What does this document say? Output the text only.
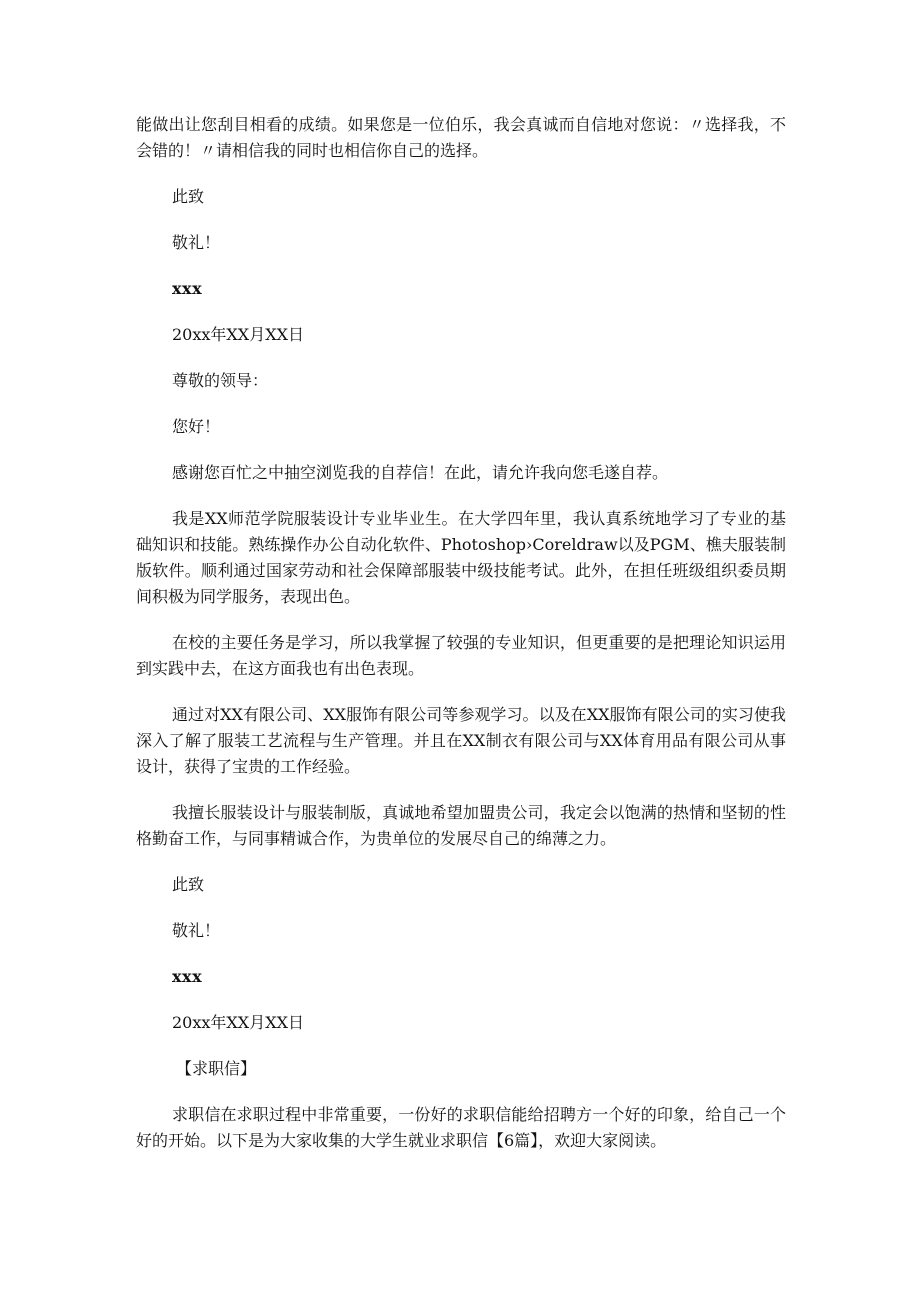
能做出让您刮目相看的成绩。如果您是一位伯乐，我会真诚而自信地对您说：〃选择我，不会错的！〃请相信我的同时也相信你自己的选择。

此致
敬礼！
xxx
20xx年XX月XX日
尊敬的领导：
您好！
感谢您百忙之中抽空浏览我的自荐信！在此，请允许我向您毛遂自荐。

我是XX师范学院服装设计专业毕业生。在大学四年里，我认真系统地学习了专业的基础知识和技能。熟练操作办公自动化软件、Photoshop›Coreldraw以及PGM、樵夫服装制版软件。顺利通过国家劳动和社会保障部服装中级技能考试。此外，在担任班级组织委员期间积极为同学服务，表现出色。

在校的主要任务是学习，所以我掌握了较强的专业知识，但更重要的是把理论知识运用到实践中去，在这方面我也有出色表现。

通过对XX有限公司、XX服饰有限公司等参观学习。以及在XX服饰有限公司的实习使我深入了解了服装工艺流程与生产管理。并且在XX制衣有限公司与XX体育用品有限公司从事设计，获得了宝贵的工作经验。

我擅长服装设计与服装制版，真诚地希望加盟贵公司，我定会以饱满的热情和坚韧的性格勤奋工作，与同事精诚合作，为贵单位的发展尽自己的绵薄之力。

此致
敬礼！
xxx
20xx年XX月XX日
【求职信】

求职信在求职过程中非常重要，一份好的求职信能给招聘方一个好的印象，给自己一个好的开始。以下是为大家收集的大学生就业求职信【6篇】，欢迎大家阅读。
